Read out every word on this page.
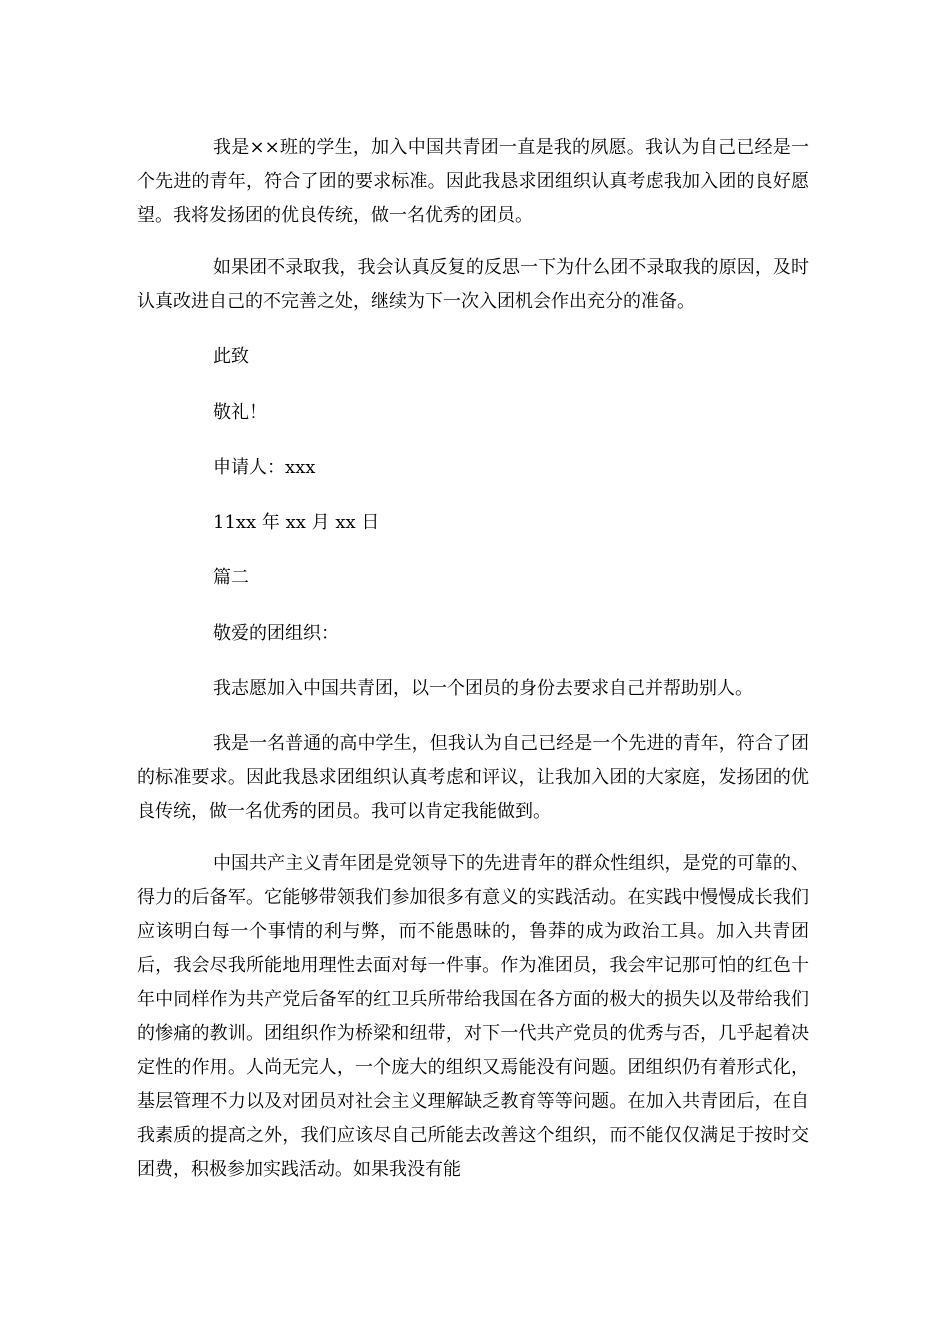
我是××班的学生，加入中国共青团一直是我的夙愿。我认为自己已经是一个先进的青年，符合了团的要求标准。因此我恳求团组织认真考虑我加入团的良好愿望。我将发扬团的优良传统，做一名优秀的团员。

如果团不录取我，我会认真反复的反思一下为什么团不录取我的原因，及时认真改进自己的不完善之处，继续为下一次入团机会作出充分的准备。

此致

敬礼！

申请人：xxx

11xx 年 xx 月 xx 日

篇二

敬爱的团组织：

我志愿加入中国共青团，以一个团员的身份去要求自己并帮助别人。

我是一名普通的高中学生，但我认为自己已经是一个先进的青年，符合了团的标准要求。因此我恳求团组织认真考虑和评议，让我加入团的大家庭，发扬团的优良传统，做一名优秀的团员。我可以肯定我能做到。

中国共产主义青年团是党领导下的先进青年的群众性组织，是党的可靠的、得力的后备军。它能够带领我们参加很多有意义的实践活动。在实践中慢慢成长我们应该明白每一个事情的利与弊，而不能愚昧的，鲁莽的成为政治工具。加入共青团后，我会尽我所能地用理性去面对每一件事。作为准团员，我会牢记那可怕的红色十年中同样作为共产党后备军的红卫兵所带给我国在各方面的极大的损失以及带给我们的惨痛的教训。团组织作为桥梁和纽带，对下一代共产党员的优秀与否，几乎起着决定性的作用。人尚无完人，一个庞大的组织又焉能没有问题。团组织仍有着形式化，基层管理不力以及对团员对社会主义理解缺乏教育等等问题。在加入共青团后，在自我素质的提高之外，我们应该尽自己所能去改善这个组织，而不能仅仅满足于按时交团费，积极参加实践活动。如果我没有能
